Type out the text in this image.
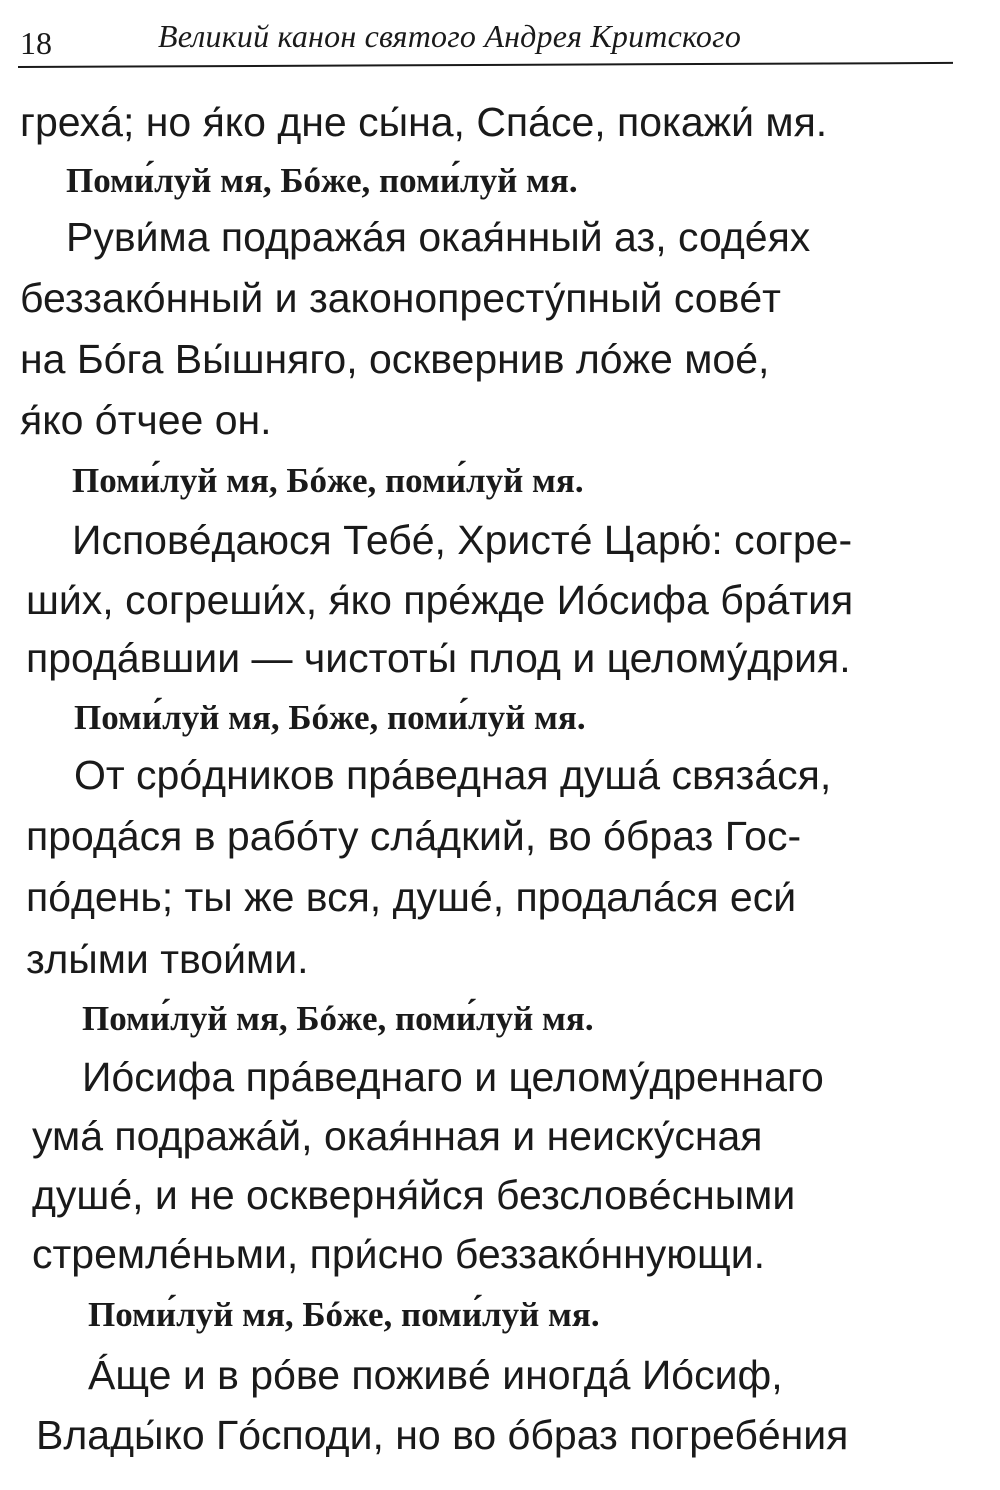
18	Великий канон святого Андрея Критского

грехá; но я́ко дне сы́на, Спáсе, покажи́ мя.

Поми́луй мя, Бóже, поми́луй мя.

Руви́ма подражáя окая́нный аз, содéях

беззакóнный и законопресту́пный совéт

на Бóга Вы́шняго, осквернив лóже моé,

я́ко óтчее он.

Поми́луй мя, Бóже, поми́луй мя.

Исповéдаюся Тебé, Христé Царю́: согре-

ши́х, согреши́х, я́ко прéжде Иóсифа брáтия

продáвшии — чистоты́ плод и целому́дрия.

Поми́луй мя, Бóже, поми́луй мя.

От срóдников прáведная душá связáся,

продáся в рабóту слáдкий, во óбраз Гос-

пóдень; ты же вся, душé, продалáся еси́

злы́ми твои́ми.

Поми́луй мя, Бóже, поми́луй мя.

Иóсифа прáведнаго и целому́дреннаго

умá подражáй, окая́нная и неиску́сная

душé, и не оскверня́йся безсловéсными

стремлéньми, при́сно беззакóннующи.

Поми́луй мя, Бóже, поми́луй мя.

Áще и в рóве поживé иногдá Иóсиф,

Влады́ко Гóсподи, но во óбраз погребéния
